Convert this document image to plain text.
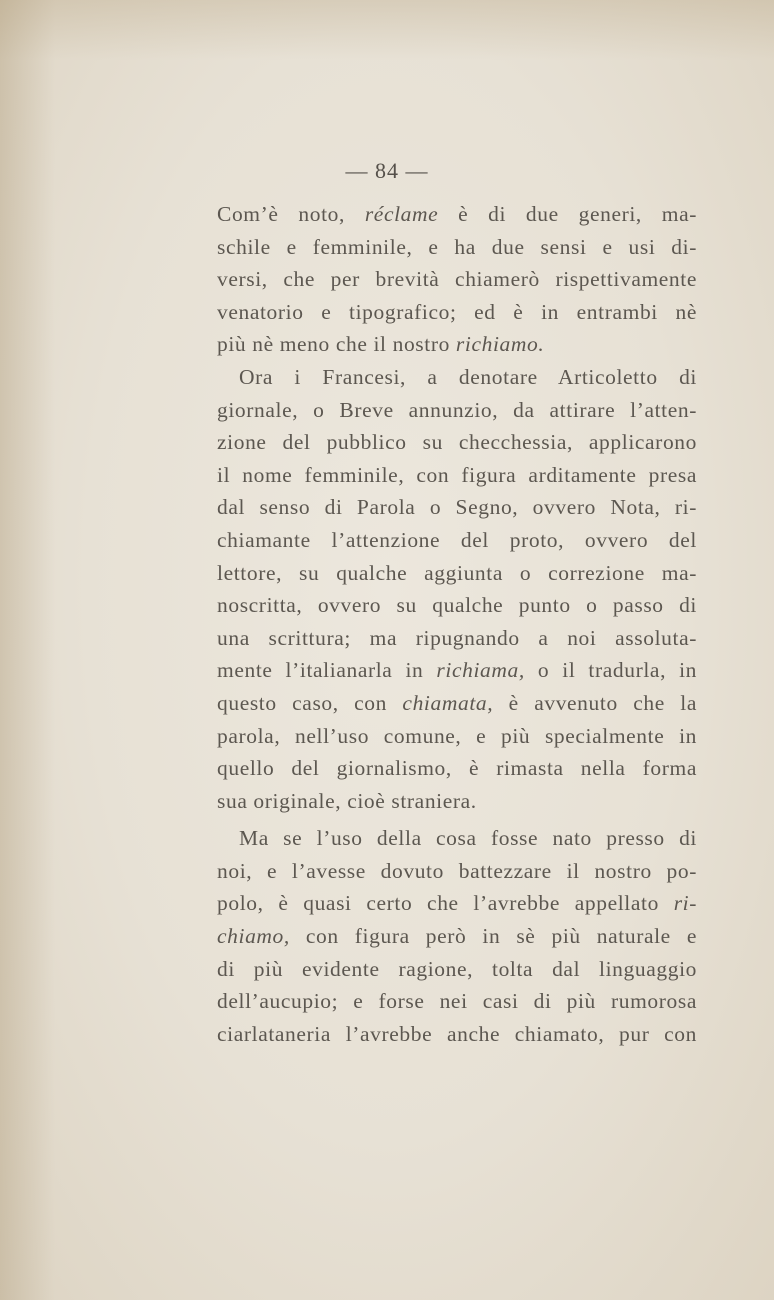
— 84 —
Com’è noto, réclame è di due generi, ma-
schile e femminile, e ha due sensi e usi di-
versi, che per brevità chiamerò rispettivamente
venatorio e tipografico; ed è in entrambi nè
più nè meno che il nostro richiamo.
Ora i Francesi, a denotare Articoletto di
giornale, o Breve annunzio, da attirare l’atten-
zione del pubblico su checchessia, applicarono
il nome femminile, con figura arditamente presa
dal senso di Parola o Segno, ovvero Nota, ri-
chiamante l’attenzione del proto, ovvero del
lettore, su qualche aggiunta o correzione ma-
noscritta, ovvero su qualche punto o passo di
una scrittura; ma ripugnando a noi assoluta-
mente l’italianarla in richiama, o il tradurla, in
questo caso, con chiamata, è avvenuto che la
parola, nell’uso comune, e più specialmente in
quello del giornalismo, è rimasta nella forma
sua originale, cioè straniera.
Ma se l’uso della cosa fosse nato presso di
noi, e l’avesse dovuto battezzare il nostro po-
polo, è quasi certo che l’avrebbe appellato ri-
chiamo, con figura però in sè più naturale e
di più evidente ragione, tolta dal linguaggio
dell’aucupio; e forse nei casi di più rumorosa
ciarlataneria l’avrebbe anche chiamato, pur con
